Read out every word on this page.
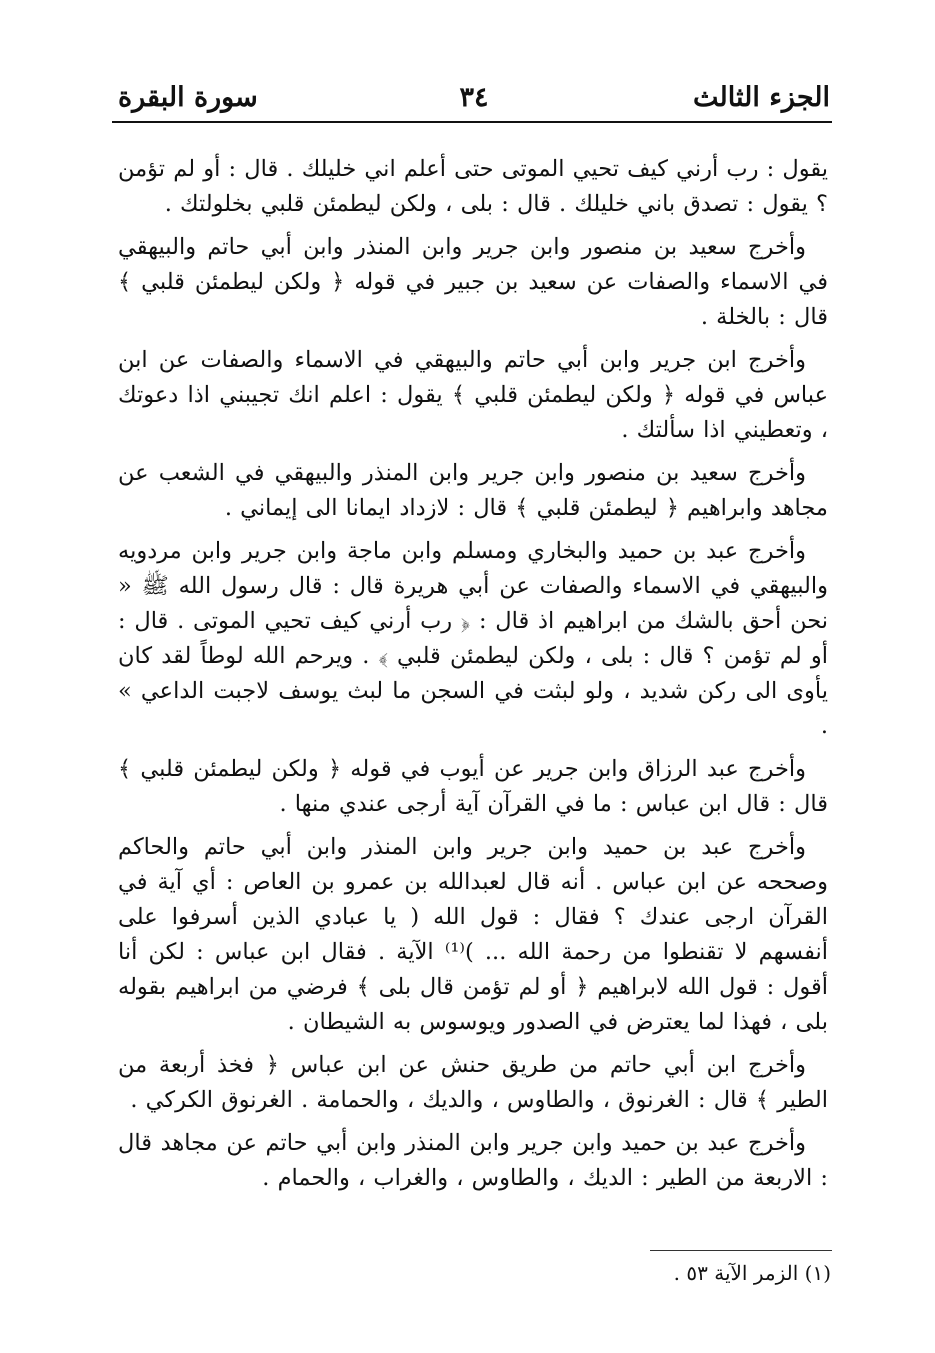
الجزء الثالث
٣٤
سورة البقرة

يقول : رب أرني كيف تحيي الموتى حتى أعلم اني خليلك . قال : أو لم تؤمن ؟ يقول : تصدق باني خليلك . قال : بلى ، ولكن ليطمئن قلبي بخلولتك .

وأخرج سعيد بن منصور وابن جرير وابن المنذر وابن أبي حاتم والبيهقي في الاسماء والصفات عن سعيد بن جبير في قوله ﴿ ولكن ليطمئن قلبي ﴾ قال : بالخلة .

وأخرج ابن جرير وابن أبي حاتم والبيهقي في الاسماء والصفات عن ابن عباس في قوله ﴿ ولكن ليطمئن قلبي ﴾ يقول : اعلم انك تجيبني اذا دعوتك ، وتعطيني اذا سألتك .

وأخرج سعيد بن منصور وابن جرير وابن المنذر والبيهقي في الشعب عن مجاهد وابراهيم ﴿ ليطمئن قلبي ﴾ قال : لازداد ايمانا الى إيماني .

وأخرج عبد بن حميد والبخاري ومسلم وابن ماجة وابن جرير وابن مردويه والبيهقي في الاسماء والصفات عن أبي هريرة قال : قال رسول الله ﷺ « نحن أحق بالشك من ابراهيم اذ قال : ﴿ رب أرني كيف تحيي الموتى . قال : أو لم تؤمن ؟ قال : بلى ، ولكن ليطمئن قلبي ﴾ . ويرحم الله لوطاً لقد كان يأوى الى ركن شديد ، ولو لبثت في السجن ما لبث يوسف لاجبت الداعي » .

وأخرج عبد الرزاق وابن جرير عن أيوب في قوله ﴿ ولكن ليطمئن قلبي ﴾ قال : قال ابن عباس : ما في القرآن آية أرجى عندي منها .

وأخرج عبد بن حميد وابن جرير وابن المنذر وابن أبي حاتم والحاكم وصححه عن ابن عباس . أنه قال لعبدالله بن عمرو بن العاص : أي آية في القرآن ارجى عندك ؟ فقال : قول الله ( يا عبادي الذين أسرفوا على أنفسهم لا تقنطوا من رحمة الله ... )⁽¹⁾ الآية . فقال ابن عباس : لكن أنا أقول : قول الله لابراهيم ﴿ أو لم تؤمن قال بلى ﴾ فرضي من ابراهيم بقوله بلى ، فهذا لما يعترض في الصدور ويوسوس به الشيطان .

وأخرج ابن أبي حاتم من طريق حنش عن ابن عباس ﴿ فخذ أربعة من الطير ﴾ قال : الغرنوق ، والطاوس ، والديك ، والحمامة . الغرنوق الكركي .

وأخرج عبد بن حميد وابن جرير وابن المنذر وابن أبي حاتم عن مجاهد قال : الاربعة من الطير : الديك ، والطاوس ، والغراب ، والحمام .

(١) الزمر الآية ٥٣ .
